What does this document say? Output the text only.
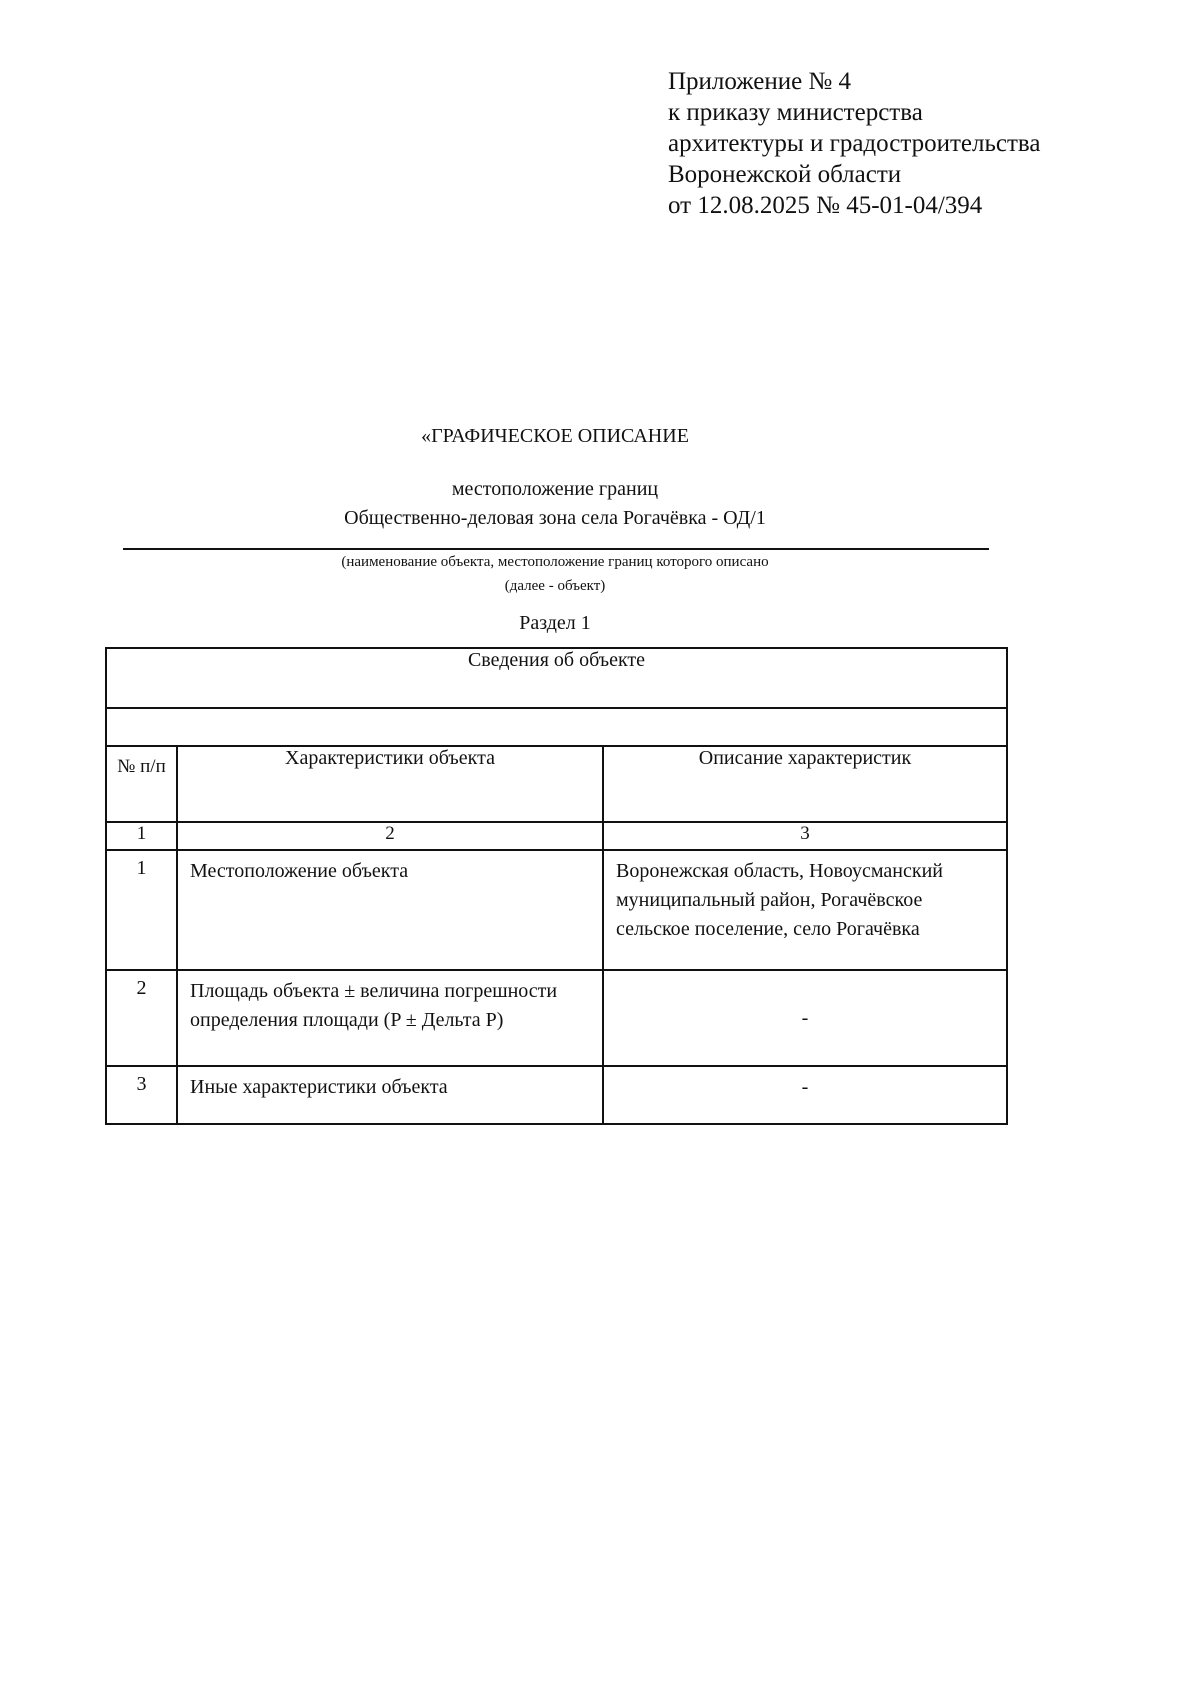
Приложение № 4
к приказу министерства
архитектуры и градостроительства
Воронежской области
от 12.08.2025 № 45-01-04/394
«ГРАФИЧЕСКОЕ ОПИСАНИЕ
местоположение границ
Общественно-деловая зона села Рогачёвка - ОД/1
(наименование объекта, местоположение границ которого описано
(далее - объект)
Раздел 1
Сведения об объекте		

№ п/п	Характеристики объекта	Описание характеристик
1	2	3
1	Местоположение объекта	Воронежская область, Новоусманский муниципальный район, Рогачёвское сельское поселение, село Рогачёвка
2	Площадь объекта ± величина погрешности определения площади (P ± Дельта P)	-
3	Иные характеристики объекта	-
